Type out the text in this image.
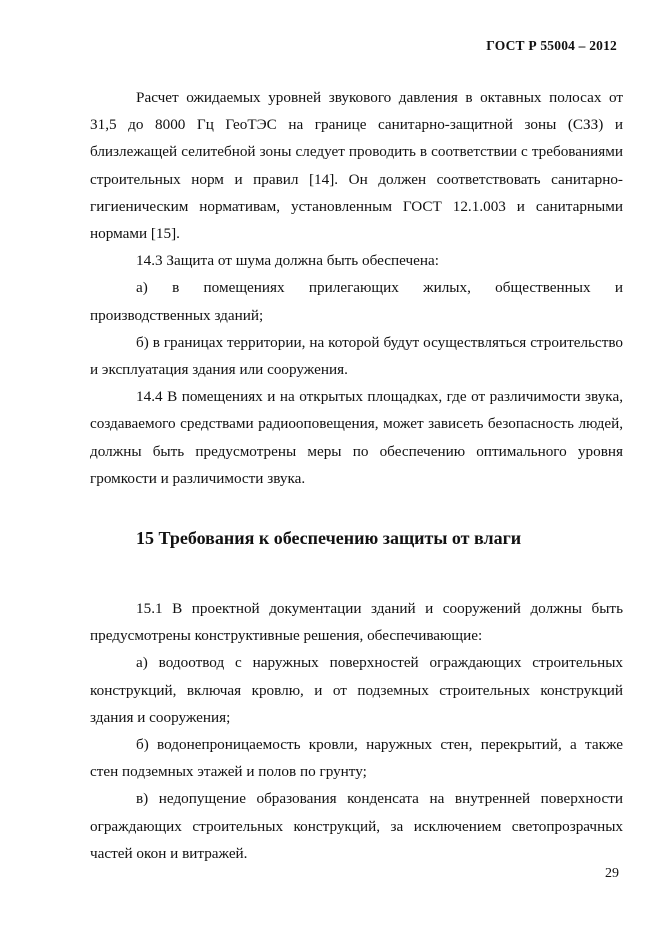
ГОСТ Р 55004 – 2012

Расчет ожидаемых уровней звукового давления в октавных полосах от 31,5 до 8000 Гц ГеоТЭС на границе санитарно-защитной зоны (СЗЗ) и близлежащей селитебной зоны следует проводить в соответствии с требованиями строительных норм и правил [14]. Он должен соответствовать санитарно-гигиеническим нормативам, установленным ГОСТ 12.1.003 и санитарными нормами [15].

14.3 Защита от шума должна быть обеспечена:

а) в помещениях прилегающих жилых, общественных и производственных зданий;

б) в границах территории, на которой будут осуществляться строительство и эксплуатация здания или сооружения.

14.4 В помещениях и на открытых площадках, где от различимости звука, создаваемого средствами радиооповещения, может зависеть безопасность людей, должны быть предусмотрены меры по обеспечению оптимального уровня громкости и различимости звука.

15 Требования к обеспечению защиты от влаги

15.1 В проектной документации зданий и сооружений должны быть предусмотрены конструктивные решения, обеспечивающие:

а) водоотвод с наружных поверхностей ограждающих строительных конструкций, включая кровлю, и от подземных строительных конструкций здания и сооружения;

б) водонепроницаемость кровли, наружных стен, перекрытий, а также стен подземных этажей и полов по грунту;

в) недопущение образования конденсата на внутренней поверхности ограждающих строительных конструкций, за исключением светопрозрачных частей окон и витражей.

29
